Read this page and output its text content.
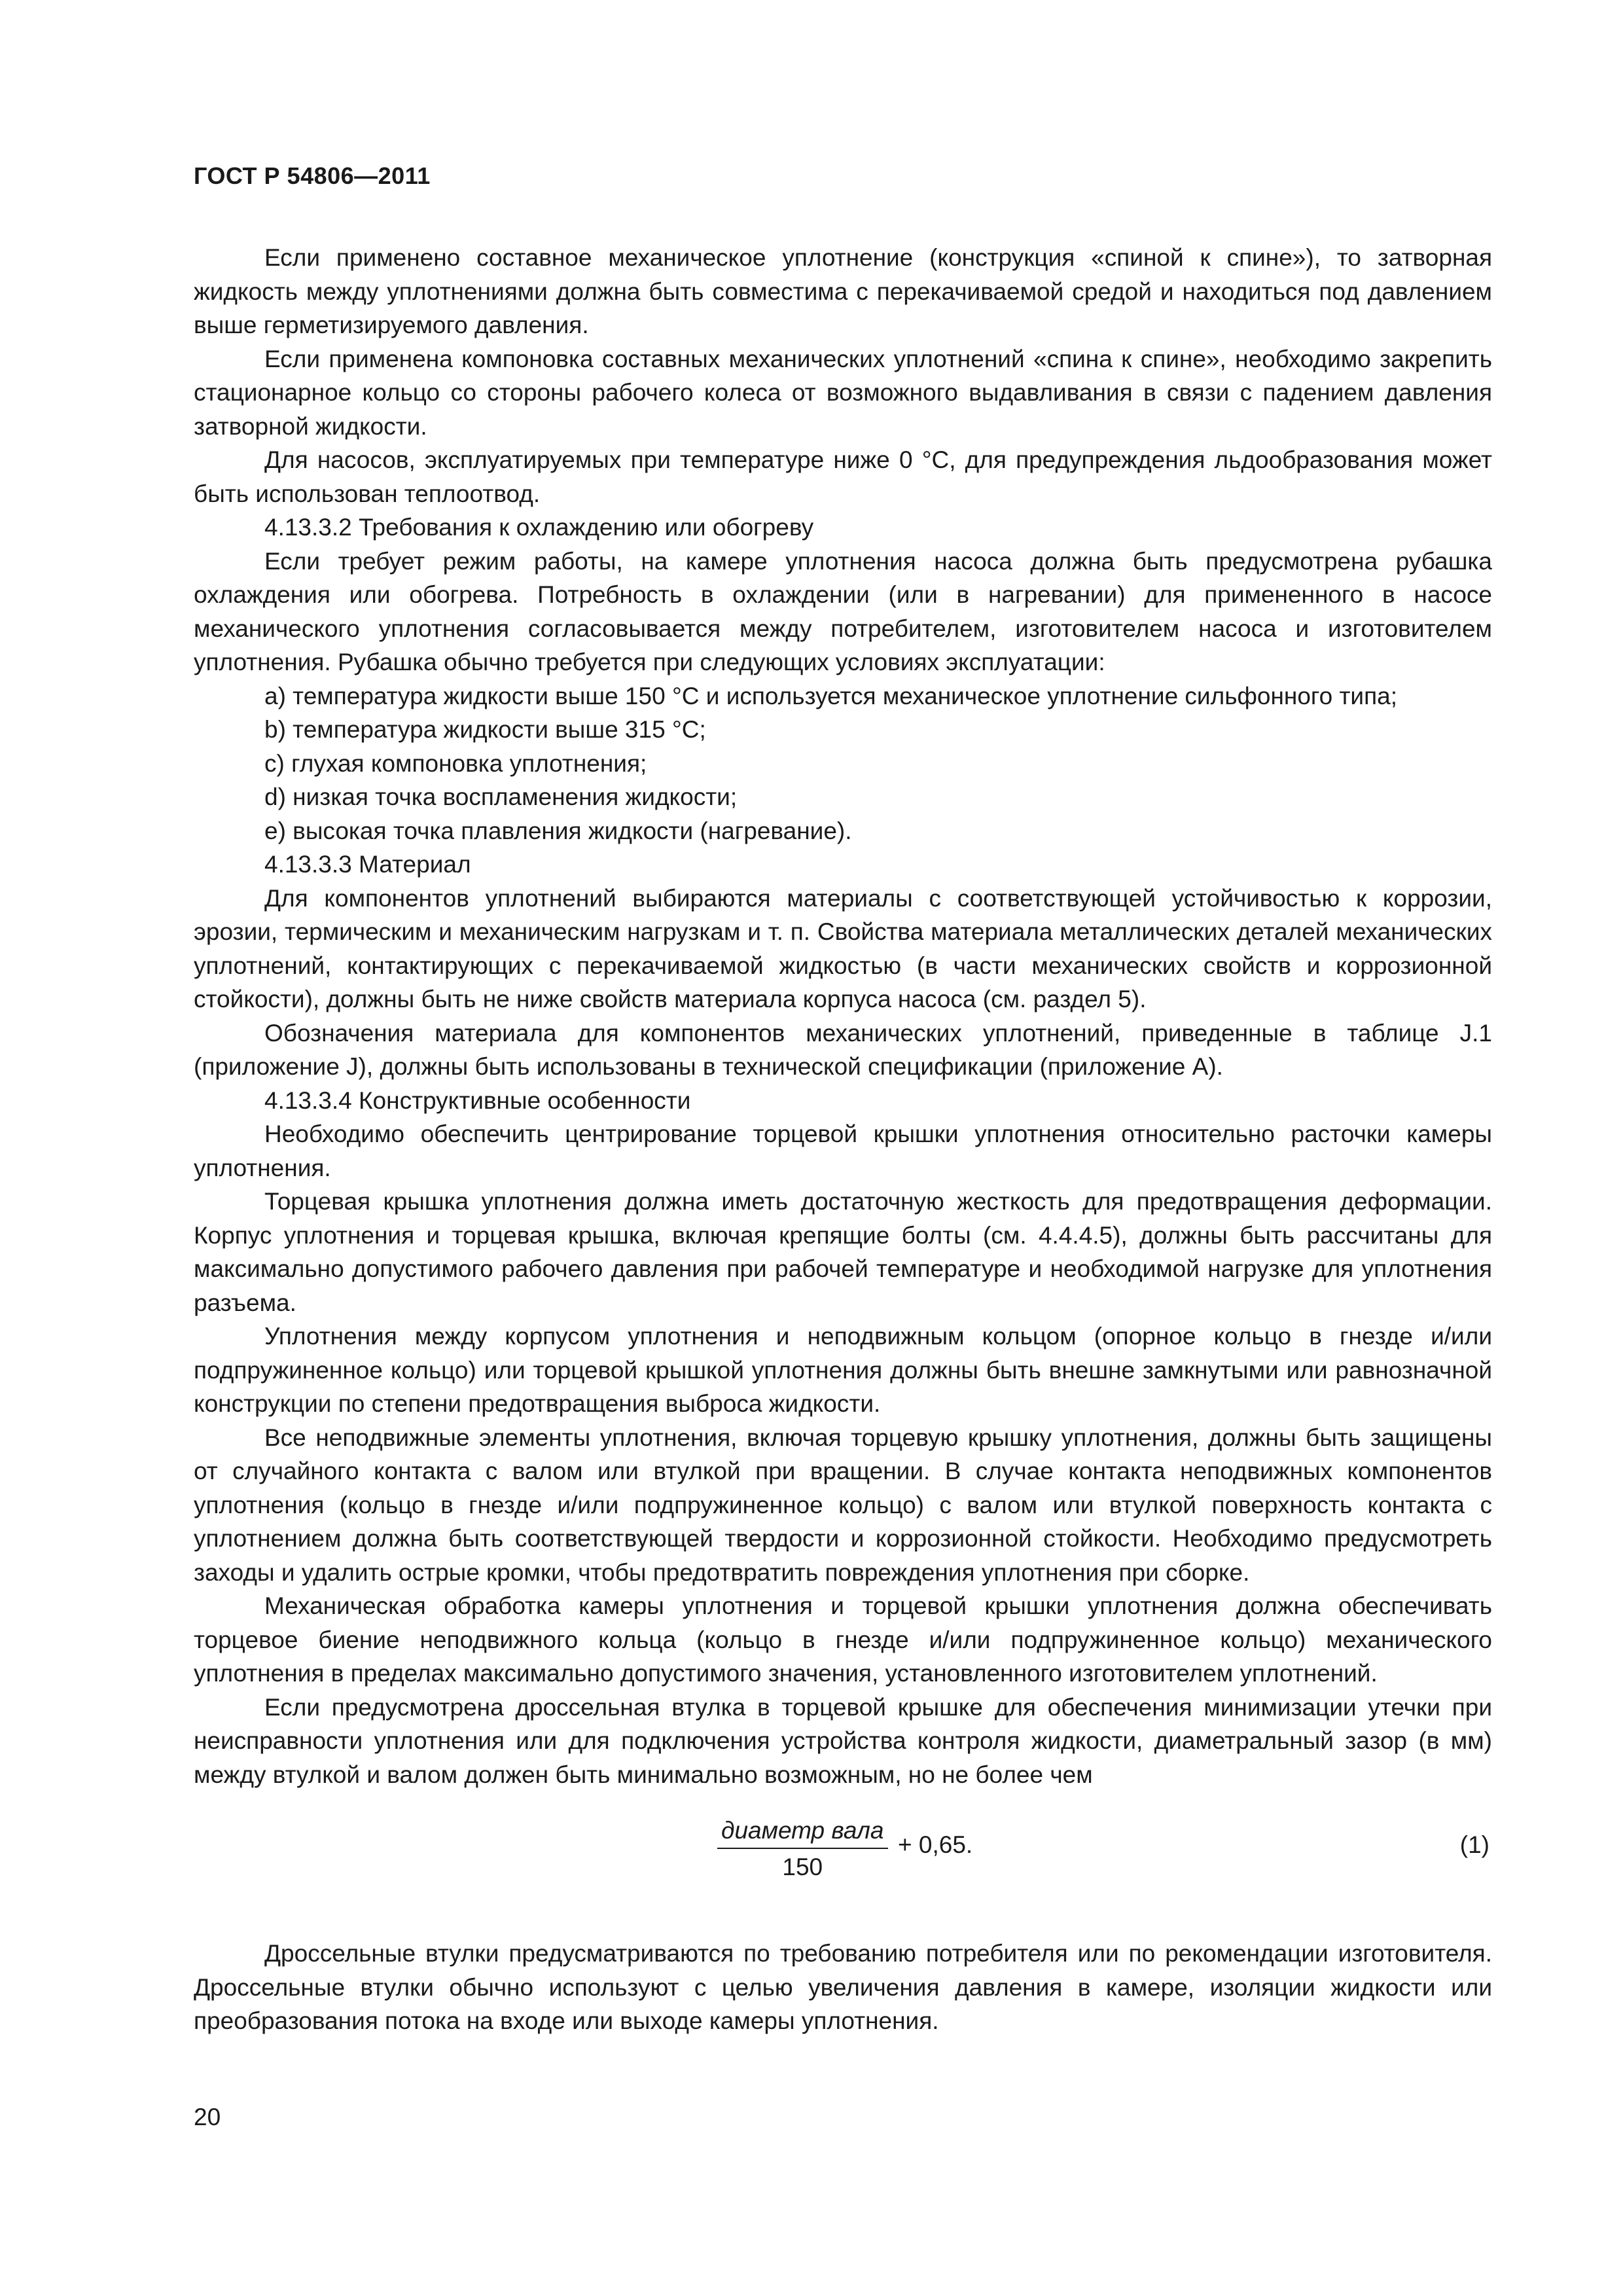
ГОСТ Р 54806—2011

Если применено составное механическое уплотнение (конструкция «спиной к спине»), то затворная жидкость между уплотнениями должна быть совместима с перекачиваемой средой и находиться под давлением выше герметизируемого давления.

Если применена компоновка составных механических уплотнений «спина к спине», необходимо закрепить стационарное кольцо со стороны рабочего колеса от возможного выдавливания в связи с падением давления затворной жидкости.

Для насосов, эксплуатируемых при температуре ниже 0 °С, для предупреждения льдообразования может быть использован теплоотвод.

4.13.3.2 Требования к охлаждению или обогреву

Если требует режим работы, на камере уплотнения насоса должна быть предусмотрена рубашка охлаждения или обогрева. Потребность в охлаждении (или в нагревании) для примененного в насосе механического уплотнения согласовывается между потребителем, изготовителем насоса и изготовителем уплотнения. Рубашка обычно требуется при следующих условиях эксплуатации:

a) температура жидкости выше 150 °С и используется механическое уплотнение сильфонного типа;

b) температура жидкости выше 315 °С;

c) глухая компоновка уплотнения;

d) низкая точка воспламенения жидкости;

e) высокая точка плавления жидкости (нагревание).

4.13.3.3 Материал

Для компонентов уплотнений выбираются материалы с соответствующей устойчивостью к коррозии, эрозии, термическим и механическим нагрузкам и т. п. Свойства материала металлических деталей механических уплотнений, контактирующих с перекачиваемой жидкостью (в части механических свойств и коррозионной стойкости), должны быть не ниже свойств материала корпуса насоса (см. раздел 5).

Обозначения материала для компонентов механических уплотнений, приведенные в таблице J.1 (приложение J), должны быть использованы в технической спецификации (приложение А).

4.13.3.4 Конструктивные особенности

Необходимо обеспечить центрирование торцевой крышки уплотнения относительно расточки камеры уплотнения.

Торцевая крышка уплотнения должна иметь достаточную жесткость для предотвращения деформации. Корпус уплотнения и торцевая крышка, включая крепящие болты (см. 4.4.4.5), должны быть рассчитаны для максимально допустимого рабочего давления при рабочей температуре и необходимой нагрузке для уплотнения разъема.

Уплотнения между корпусом уплотнения и неподвижным кольцом (опорное кольцо в гнезде и/или подпружиненное кольцо) или торцевой крышкой уплотнения должны быть внешне замкнутыми или равнозначной конструкции по степени предотвращения выброса жидкости.

Все неподвижные элементы уплотнения, включая торцевую крышку уплотнения, должны быть защищены от случайного контакта с валом или втулкой при вращении. В случае контакта неподвижных компонентов уплотнения (кольцо в гнезде и/или подпружиненное кольцо) с валом или втулкой поверхность контакта с уплотнением должна быть соответствующей твердости и коррозионной стойкости. Необходимо предусмотреть заходы и удалить острые кромки, чтобы предотвратить повреждения уплотнения при сборке.

Механическая обработка камеры уплотнения и торцевой крышки уплотнения должна обеспечивать торцевое биение неподвижного кольца (кольцо в гнезде и/или подпружиненное кольцо) механического уплотнения в пределах максимально допустимого значения, установленного изготовителем уплотнений.

Если предусмотрена дроссельная втулка в торцевой крышке для обеспечения минимизации утечки при неисправности уплотнения или для подключения устройства контроля жидкости, диаметральный зазор (в мм) между втулкой и валом должен быть минимально возможным, но не более чем

диаметр вала
150
+ 0,65.	(1)

Дроссельные втулки предусматриваются по требованию потребителя или по рекомендации изготовителя. Дроссельные втулки обычно используют с целью увеличения давления в камере, изоляции жидкости или преобразования потока на входе или выходе камеры уплотнения.

20
